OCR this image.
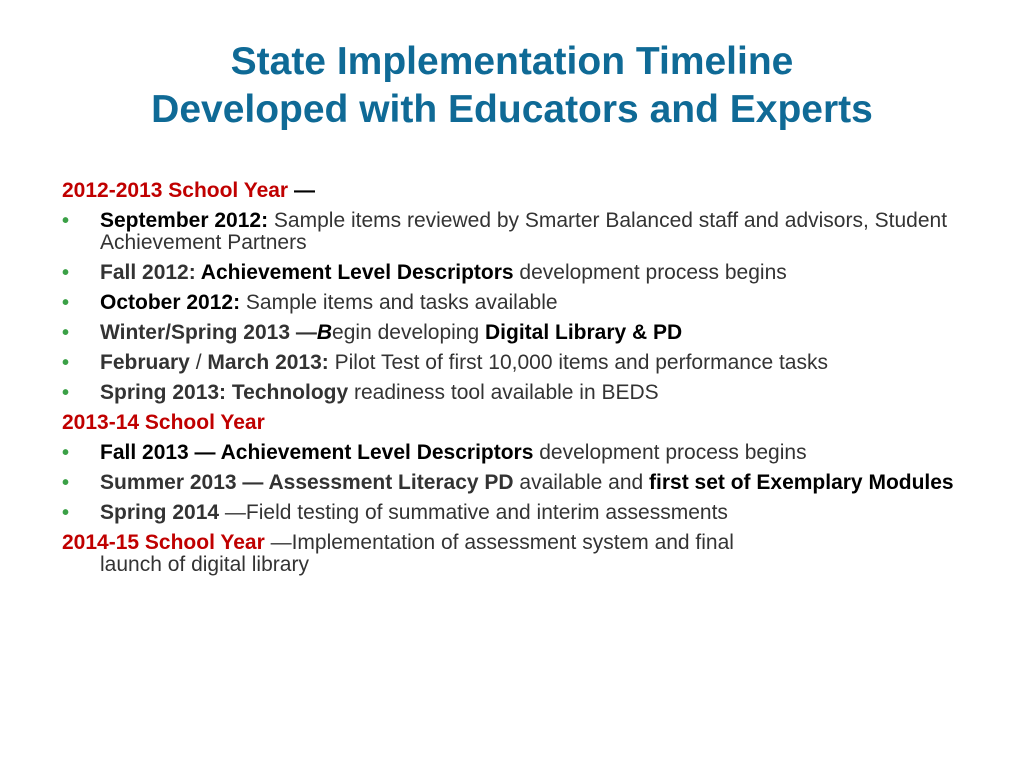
State Implementation Timeline
Developed with Educators and Experts
2012-2013 School Year —
• September 2012: Sample items reviewed by Smarter Balanced staff and advisors, Student Achievement Partners
• Fall 2012: Achievement Level Descriptors development process begins
• October 2012: Sample items and tasks available
• Winter/Spring 2013 —Begin developing Digital Library & PD
• February / March 2013: Pilot Test of first 10,000 items and performance tasks
• Spring 2013: Technology readiness tool available in BEDS
2013-14 School Year
• Fall 2013 — Achievement Level Descriptors development process begins
• Summer 2013 — Assessment Literacy PD available and first set of Exemplary Modules
• Spring 2014 —Field testing of summative and interim assessments
2014-15 School Year —Implementation of assessment system and final
launch of digital library
